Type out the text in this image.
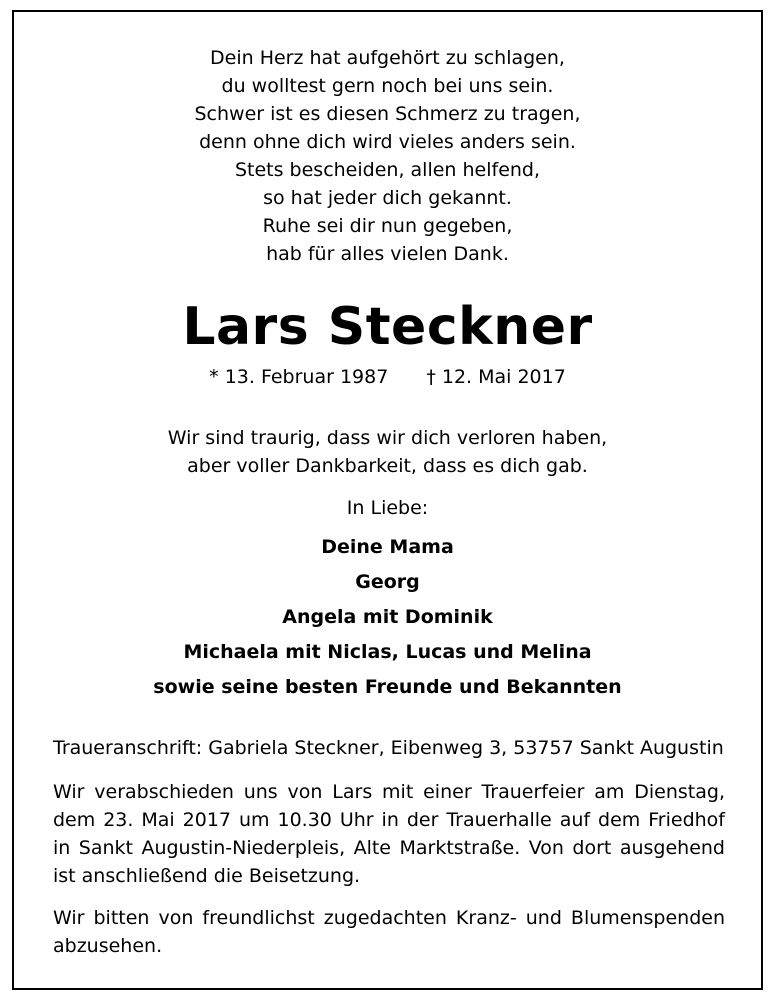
Dein Herz hat aufgehört zu schlagen,
du wolltest gern noch bei uns sein.
Schwer ist es diesen Schmerz zu tragen,
denn ohne dich wird vieles anders sein.
Stets bescheiden, allen helfend,
so hat jeder dich gekannt.
Ruhe sei dir nun gegeben,
hab für alles vielen Dank.
Lars Steckner
* 13. Februar 1987 † 12. Mai 2017
Wir sind traurig, dass wir dich verloren haben,
aber voller Dankbarkeit, dass es dich gab.
In Liebe:
Deine Mama
Georg
Angela mit Dominik
Michaela mit Niclas, Lucas und Melina
sowie seine besten Freunde und Bekannten
Traueranschrift: Gabriela Steckner, Eibenweg 3, 53757 Sankt Augustin
Wir verabschieden uns von Lars mit einer Trauerfeier am Dienstag, dem 23. Mai 2017 um 10.30 Uhr in der Trauerhalle auf dem Friedhof in Sankt Augustin-Niederpleis, Alte Marktstraße. Von dort ausgehend ist anschließend die Beisetzung.
Wir bitten von freundlichst zugedachten Kranz- und Blumenspenden abzusehen.
